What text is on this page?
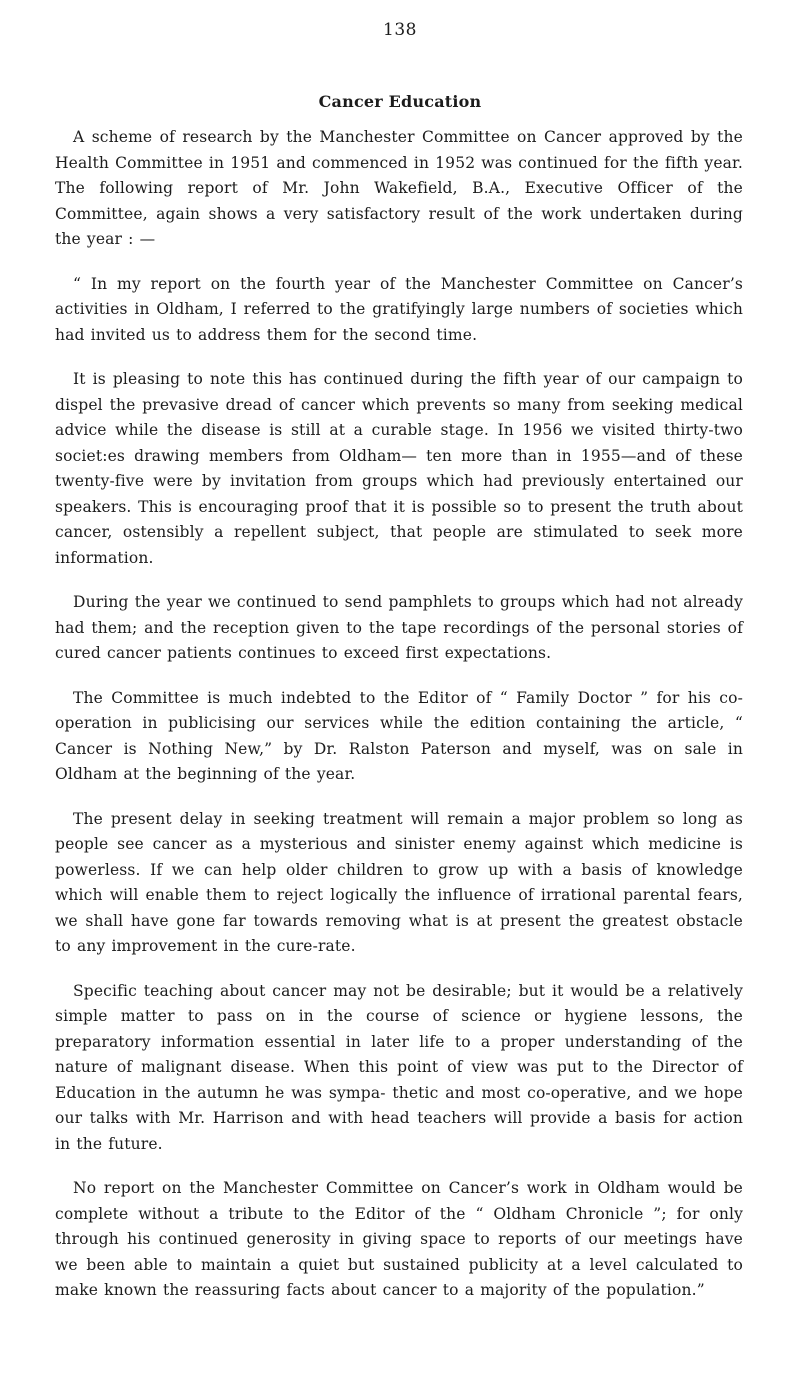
138
Cancer Education

A scheme of research by the Manchester Committee on Cancer approved by the Health Committee in 1951 and commenced in 1952 was continued for the fifth year. The following report of Mr. John Wakefield, B.A., Executive Officer of the Committee, again shows a very satisfactory result of the work undertaken during the year : —

“ In my report on the fourth year of the Manchester Committee on Cancer’s activities in Oldham, I referred to the gratifyingly large numbers of societies which had invited us to address them for the second time.

It is pleasing to note this has continued during the fifth year of our campaign to dispel the prevasive dread of cancer which prevents so many from seeking medical advice while the disease is still at a curable stage. In 1956 we visited thirty-two societ:es drawing members from Oldham— ten more than in 1955—and of these twenty-five were by invitation from groups which had previously entertained our speakers. This is encouraging proof that it is possible so to present the truth about cancer, ostensibly a repellent subject, that people are stimulated to seek more information.

During the year we continued to send pamphlets to groups which had not already had them; and the reception given to the tape recordings of the personal stories of cured cancer patients continues to exceed first expectations.

The Committee is much indebted to the Editor of “ Family Doctor ” for his co-operation in publicising our services while the edition containing the article, “ Cancer is Nothing New,” by Dr. Ralston Paterson and myself, was on sale in Oldham at the beginning of the year.

The present delay in seeking treatment will remain a major problem so long as people see cancer as a mysterious and sinister enemy against which medicine is powerless. If we can help older children to grow up with a basis of knowledge which will enable them to reject logically the influence of irrational parental fears, we shall have gone far towards removing what is at present the greatest obstacle to any improvement in the cure-rate.

Specific teaching about cancer may not be desirable; but it would be a relatively simple matter to pass on in the course of science or hygiene lessons, the preparatory information essential in later life to a proper understanding of the nature of malignant disease. When this point of view was put to the Director of Education in the autumn he was sympa- thetic and most co-operative, and we hope our talks with Mr. Harrison and with head teachers will provide a basis for action in the future.

No report on the Manchester Committee on Cancer’s work in Oldham would be complete without a tribute to the Editor of the “ Oldham Chronicle ”; for only through his continued generosity in giving space to reports of our meetings have we been able to maintain a quiet but sustained publicity at a level calculated to make known the reassuring facts about cancer to a majority of the population.”
